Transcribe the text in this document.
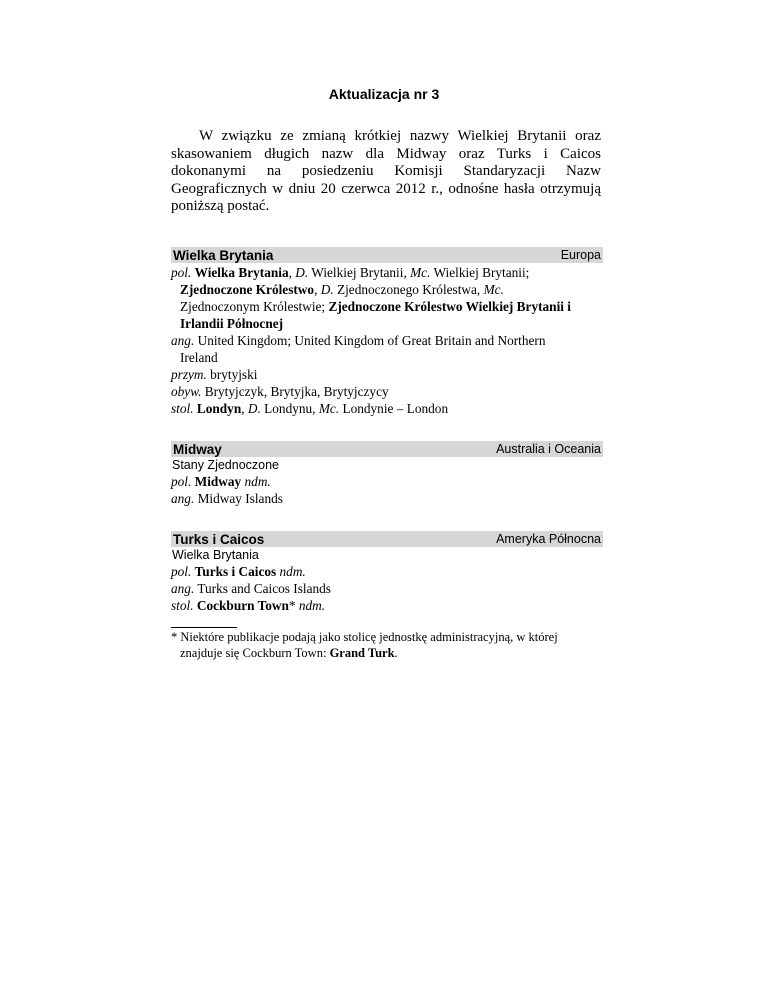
Aktualizacja nr 3
W związku ze zmianą krótkiej nazwy Wielkiej Brytanii oraz skasowaniem długich nazw dla Midway oraz Turks i Caicos dokonanymi na posiedzeniu Komisji Standaryzacji Nazw Geograficznych w dniu 20 czerwca 2012 r., odnośne hasła otrzymują poniższą postać.
Wielka Brytania	Europa
pol. Wielka Brytania, D. Wielkiej Brytanii, Mc. Wielkiej Brytanii; Zjednoczone Królestwo, D. Zjednoczonego Królestwa, Mc. Zjednoczonym Królestwie; Zjednoczone Królestwo Wielkiej Brytanii i Irlandii Północnej
ang. United Kingdom; United Kingdom of Great Britain and Northern Ireland
przym. brytyjski
obyw. Brytyjczyk, Brytyjka, Brytyjczycy
stol. Londyn, D. Londynu, Mc. Londynie – London
Midway	Australia i Oceania
Stany Zjednoczone
pol. Midway ndm.
ang. Midway Islands
Turks i Caicos	Ameryka Północna
Wielka Brytania
pol. Turks i Caicos ndm.
ang. Turks and Caicos Islands
stol. Cockburn Town* ndm.
* Niektóre publikacje podają jako stolicę jednostkę administracyjną, w której znajduje się Cockburn Town: Grand Turk.
